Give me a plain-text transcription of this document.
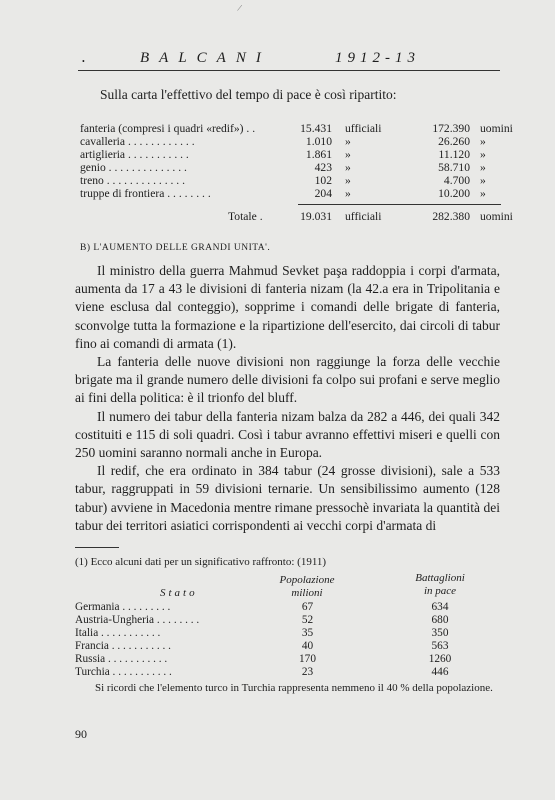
/
•	BALCANI	1912-13
Sulla carta l'effettivo del tempo di pace è così ripartito:
fanteria (compresi i quadri «redif») . .	15.431 ufficiali	172.390 uomini
cavalleria . . . . . . . . . . . .	1.010 »	26.260 »
artiglieria . . . . . . . . . . .	1.861 »	11.120 »
genio . . . . . . . . . . . . . .	423 »	58.710 »
treno . . . . . . . . . . . . . .	102 »	4.700 »
truppe di frontiera . . . . . . . .	204 »	10.200 »
Totale .	19.031 ufficiali	282.380 uomini
B) L'AUMENTO DELLE GRANDI UNITA'.

Il ministro della guerra Mahmud Sevket paşa raddoppia i corpi d'armata, aumenta da 17 a 43 le divisioni di fanteria nizam (la 42.a era in Tripolitania e viene esclusa dal conteggio), sopprime i comandi delle brigate di fanteria, sconvolge tutta la formazione e la ripartizione dell'esercito, dai circoli di tabur fino ai comandi di armata (1).

La fanteria delle nuove divisioni non raggiunge la forza delle vecchie brigate ma il grande numero delle divisioni fa colpo sui profani e serve meglio ai fini della politica: è il trionfo del bluff.

Il numero dei tabur della fanteria nizam balza da 282 a 446, dei quali 342 costituiti e 115 di soli quadri. Così i tabur avranno effettivi miseri e quelli con 250 uomini saranno normali anche in Europa.

Il redif, che era ordinato in 384 tabur (24 grosse divisioni), sale a 533 tabur, raggruppati in 59 divisioni ternarie. Un sensibilissimo aumento (128 tabur) avviene in Macedonia mentre rimane pressochè invariata la quantità dei tabur dei territori asiatici corrispondenti ai vecchi corpi d'armata di

(1) Ecco alcuni dati per un significativo raffronto: (1911)
Stato
Popolazione
milioni
Battaglioni
in pace
Germania . . . . . . . . .	67	634
Austria-Ungheria . . . . . . . .	52	680
Italia . . . . . . . . . . .	35	350
Francia . . . . . . . . . . .	40	563
Russia . . . . . . . . . . .	170	1260
Turchia . . . . . . . . . . .	23	446
Si ricordi che l'elemento turco in Turchia rappresenta nemmeno il 40 % della popolazione.
90
